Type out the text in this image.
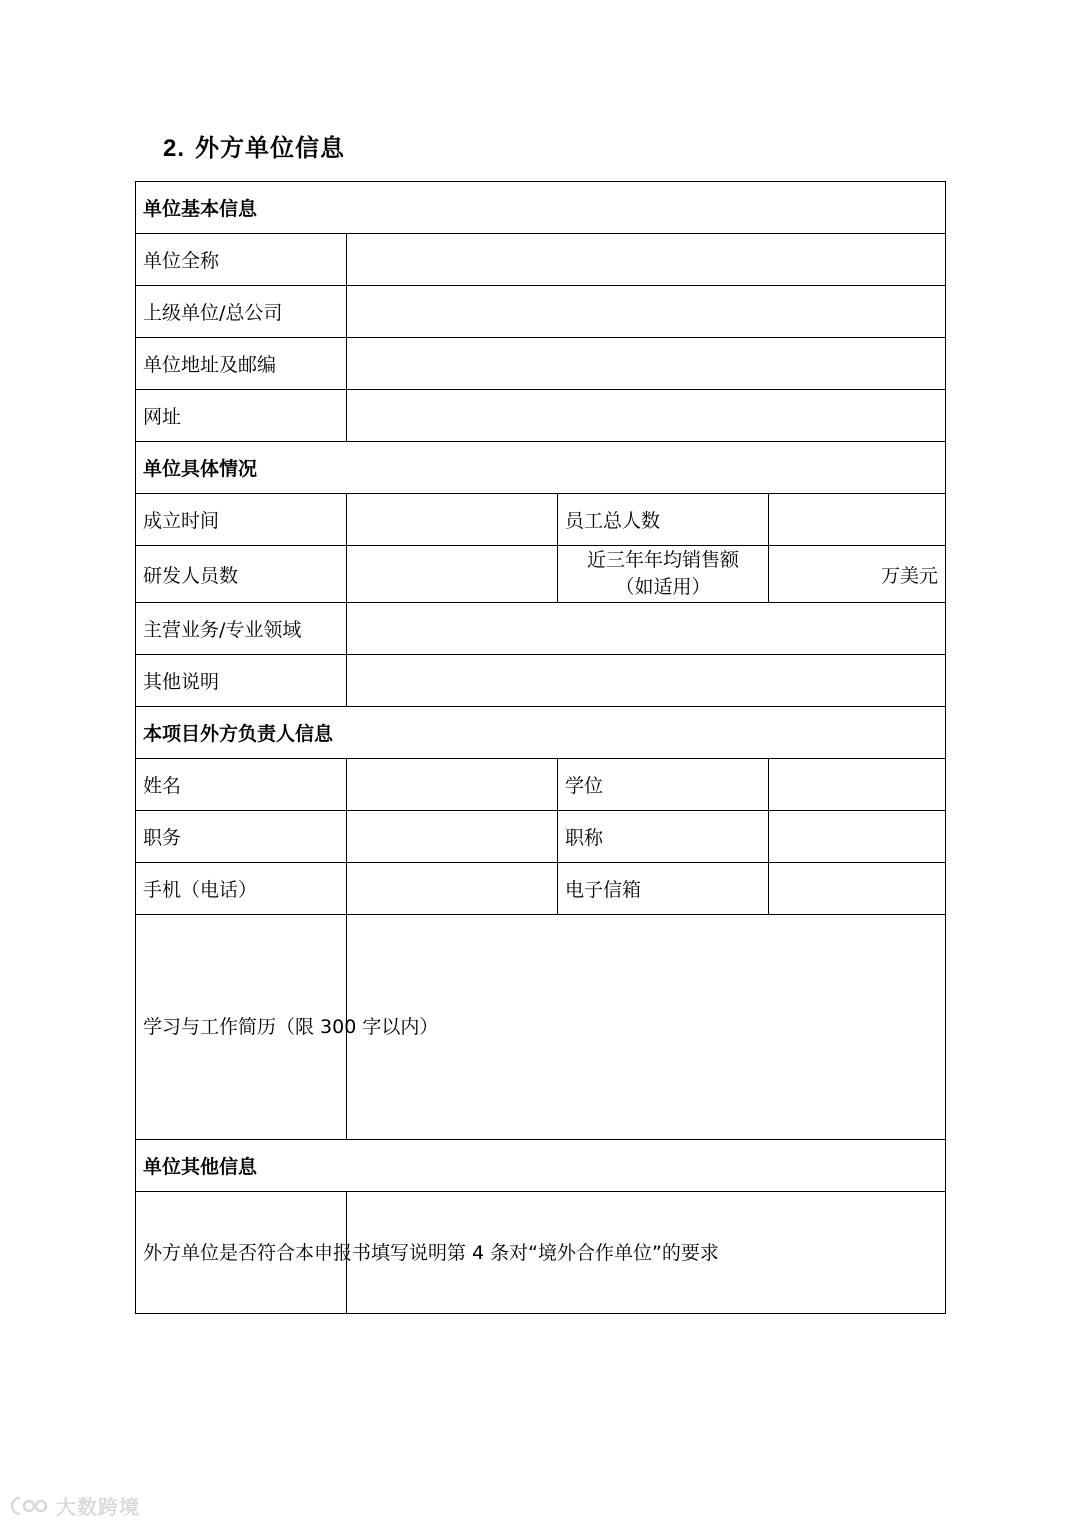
2. 外方单位信息
单位基本信息			
单位全称			
上级单位/总公司			
单位地址及邮编			
网址			
单位具体情况			
成立时间		员工总人数	
研发人员数		近三年年均销售额
（如适用）	万美元
主营业务/专业领域			
其他说明			
本项目外方负责人信息			
姓名		学位	
职务		职称	
手机（电话）		电子信箱	
学习与工作简历（限 300 字以内）			
单位其他信息			
外方单位是否符合本申报书填写说明第 4 条对“境外合作单位”的要求			
大数跨境
